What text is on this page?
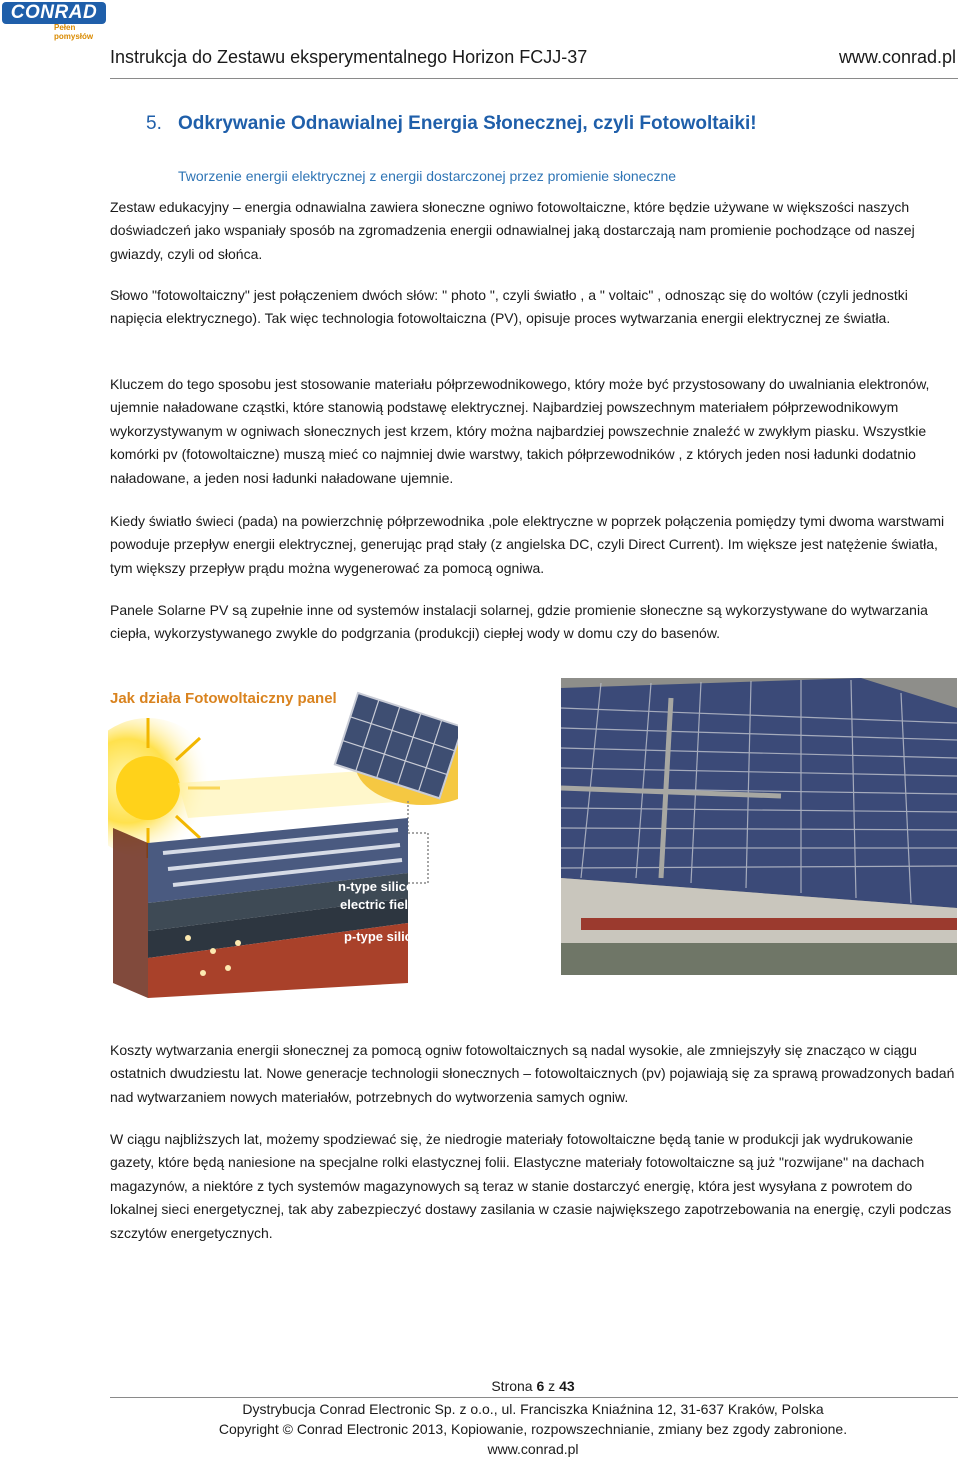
CONRAD
Pełen pomysłów
Instrukcja do Zestawu eksperymentalnego Horizon FCJJ-37	www.conrad.pl
5. Odkrywanie Odnawialnej Energia Słonecznej, czyli Fotowoltaiki!
Tworzenie energii elektrycznej z energii dostarczonej przez promienie słoneczne

Zestaw edukacyjny – energia odnawialna zawiera słoneczne ogniwo fotowoltaiczne, które będzie używane w większości naszych doświadczeń jako wspaniały sposób na zgromadzenia energii odnawialnej jaką dostarczają nam promienie pochodzące od naszej gwiazdy, czyli od słońca.

Słowo "fotowoltaiczny" jest połączeniem dwóch słów: " photo ", czyli światło , a " voltaic" , odnosząc się do woltów (czyli jednostki napięcia elektrycznego). Tak więc technologia fotowoltaiczna (PV), opisuje proces wytwarzania energii elektrycznej ze światła.

Kluczem do tego sposobu jest stosowanie materiału półprzewodnikowego, który może być przystosowany do uwalniania elektronów, ujemnie naładowane cząstki, które stanowią podstawę elektrycznej. Najbardziej powszechnym materiałem półprzewodnikowym wykorzystywanym w ogniwach słonecznych jest krzem, który można najbardziej powszechnie znaleźć w zwykłym piasku. Wszystkie komórki pv (fotowoltaiczne) muszą mieć co najmniej dwie warstwy, takich półprzewodników , z których jeden nosi ładunki dodatnio naładowane, a jeden nosi ładunki naładowane ujemnie.

Kiedy światło świeci (pada) na powierzchnię półprzewodnika ,pole elektryczne w poprzek połączenia pomiędzy tymi dwoma warstwami powoduje przepływ energii elektrycznej, generując prąd stały (z angielska DC, czyli Direct Current). Im większe jest natężenie światła, tym większy przepływ prądu można wygenerować za pomocą ogniwa.

Panele Solarne PV są zupełnie inne od systemów instalacji solarnej, gdzie promienie słoneczne są wykorzystywane do wytwarzania ciepła, wykorzystywanego zwykle do podgrzania (produkcji) ciepłej wody w domu czy do basenów.

Jak działa Fotowoltaiczny panel
n-type silicon
electric field
p-type silicon

Koszty wytwarzania energii słonecznej za pomocą ogniw fotowoltaicznych są nadal wysokie, ale zmniejszyły się znacząco w ciągu ostatnich dwudziestu lat. Nowe generacje technologii słonecznych – fotowoltaicznych (pv) pojawiają się za sprawą prowadzonych badań nad wytwarzaniem nowych materiałów, potrzebnych do wytworzenia samych ogniw.

W ciągu najbliższych lat, możemy spodziewać się, że niedrogie materiały fotowoltaiczne będą tanie w produkcji jak wydrukowanie gazety, które będą naniesione na specjalne rolki elastycznej folii. Elastyczne materiały fotowoltaiczne są już "rozwijane" na dachach magazynów, a niektóre z tych systemów magazynowych są teraz w stanie dostarczyć energię, która jest wysyłana z powrotem do lokalnej sieci energetycznej, tak aby zabezpieczyć dostawy zasilania w czasie największego zapotrzebowania na energię, czyli podczas szczytów energetycznych.

Strona 6 z 43
Dystrybucja Conrad Electronic Sp. z o.o., ul. Franciszka Kniaźnina 12, 31-637 Kraków, Polska
Copyright © Conrad Electronic 2013, Kopiowanie, rozpowszechnianie, zmiany bez zgody zabronione.
www.conrad.pl
